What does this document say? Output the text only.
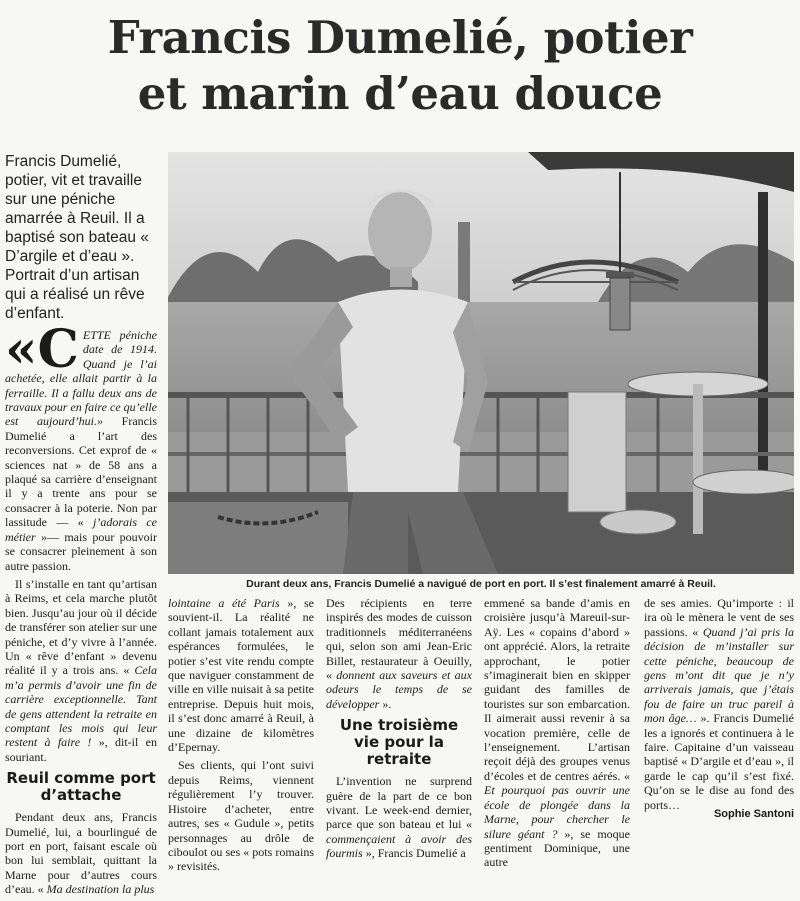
Francis Dumelié, potier
et marin d’eau douce
Francis Dumelié, potier, vit et travaille sur une péniche amarrée à Reuil. Il a baptisé son bateau « D’argile et d’eau ». Portrait d’un artisan qui a réalisé un rêve d’enfant.
Durant deux ans, Francis Dumelié a navigué de port en port. Il s’est finalement amarré à Reuil.

«C ETTE péniche date de 1914. Quand je l’ai achetée, elle allait partir à la ferraille. Il a fallu deux ans de travaux pour en faire ce qu’elle est aujourd’hui.» Francis Dumelié a l’art des reconversions. Cet exprof de « sciences nat » de 58 ans a plaqué sa carrière d’enseignant il y a trente ans pour se consacrer à la poterie. Non par lassitude — « j’adorais ce métier »— mais pour pouvoir se consacrer pleinement à son autre passion.

Il s’installe en tant qu’artisan à Reims, et cela marche plutôt bien. Jusqu’au jour où il décide de transférer son atelier sur une péniche, et d’y vivre à l’année. Un « rêve d’enfant » devenu réalité il y a trois ans. « Cela m’a permis d’avoir une fin de carrière exceptionnelle. Tant de gens attendent la retraite en comptant les mois qui leur restent à faire ! », dit-il en souriant.

Reuil comme port d’attache

Pendant deux ans, Francis Dumelié, lui, a bourlingué de port en port, faisant escale où bon lui semblait, quittant la Marne pour d’autres cours d’eau. « Ma destination la plus

lointaine a été Paris », se souvient-il. La réalité ne collant jamais totalement aux espérances formulées, le potier s’est vite rendu compte que naviguer constamment de ville en ville nuisait à sa petite entreprise. Depuis huit mois, il s’est donc amarré à Reuil, à une dizaine de kilomètres d’Epernay.

Ses clients, qui l’ont suivi depuis Reims, viennent régulièrement l’y trouver. Histoire d’acheter, entre autres, ses « Gudule », petits personnages au drôle de ciboulot ou ses « pots romains » revisités.

Des récipients en terre inspirés des modes de cuisson traditionnels méditerranéens qui, selon son ami Jean-Eric Billet, restaurateur à Oeuilly, « donnent aux saveurs et aux odeurs le temps de se développer ».

Une troisième vie pour la retraite

L’invention ne surprend guère de la part de ce bon vivant. Le week-end dernier, parce que son bateau et lui « commençaient à avoir des fourmis », Francis Dumelié a

emmené sa bande d’amis en croisière jusqu’à Mareuil-sur-Aÿ. Les « copains d’abord » ont apprécié. Alors, la retraite approchant, le potier s’imaginerait bien en skipper guidant des familles de touristes sur son embarcation. Il aimerait aussi revenir à sa vocation première, celle de l’enseignement. L’artisan reçoit déjà des groupes venus d’écoles et de centres aérés. « Et pourquoi pas ouvrir une école de plongée dans la Marne, pour chercher le silure géant ? », se moque gentiment Dominique, une autre

de ses amies. Qu’importe : il ira où le mènera le vent de ses passions. « Quand j’ai pris la décision de m’installer sur cette péniche, beaucoup de gens m’ont dit que je n’y arriverais jamais, que j’étais fou de faire un truc pareil à mon âge… ». Francis Dumelié les a ignorés et continuera à le faire. Capitaine d’un vaisseau baptisé « D’argile et d’eau », il garde le cap qu’il s’est fixé. Qu’on se le dise au fond des ports…

Sophie Santoni
